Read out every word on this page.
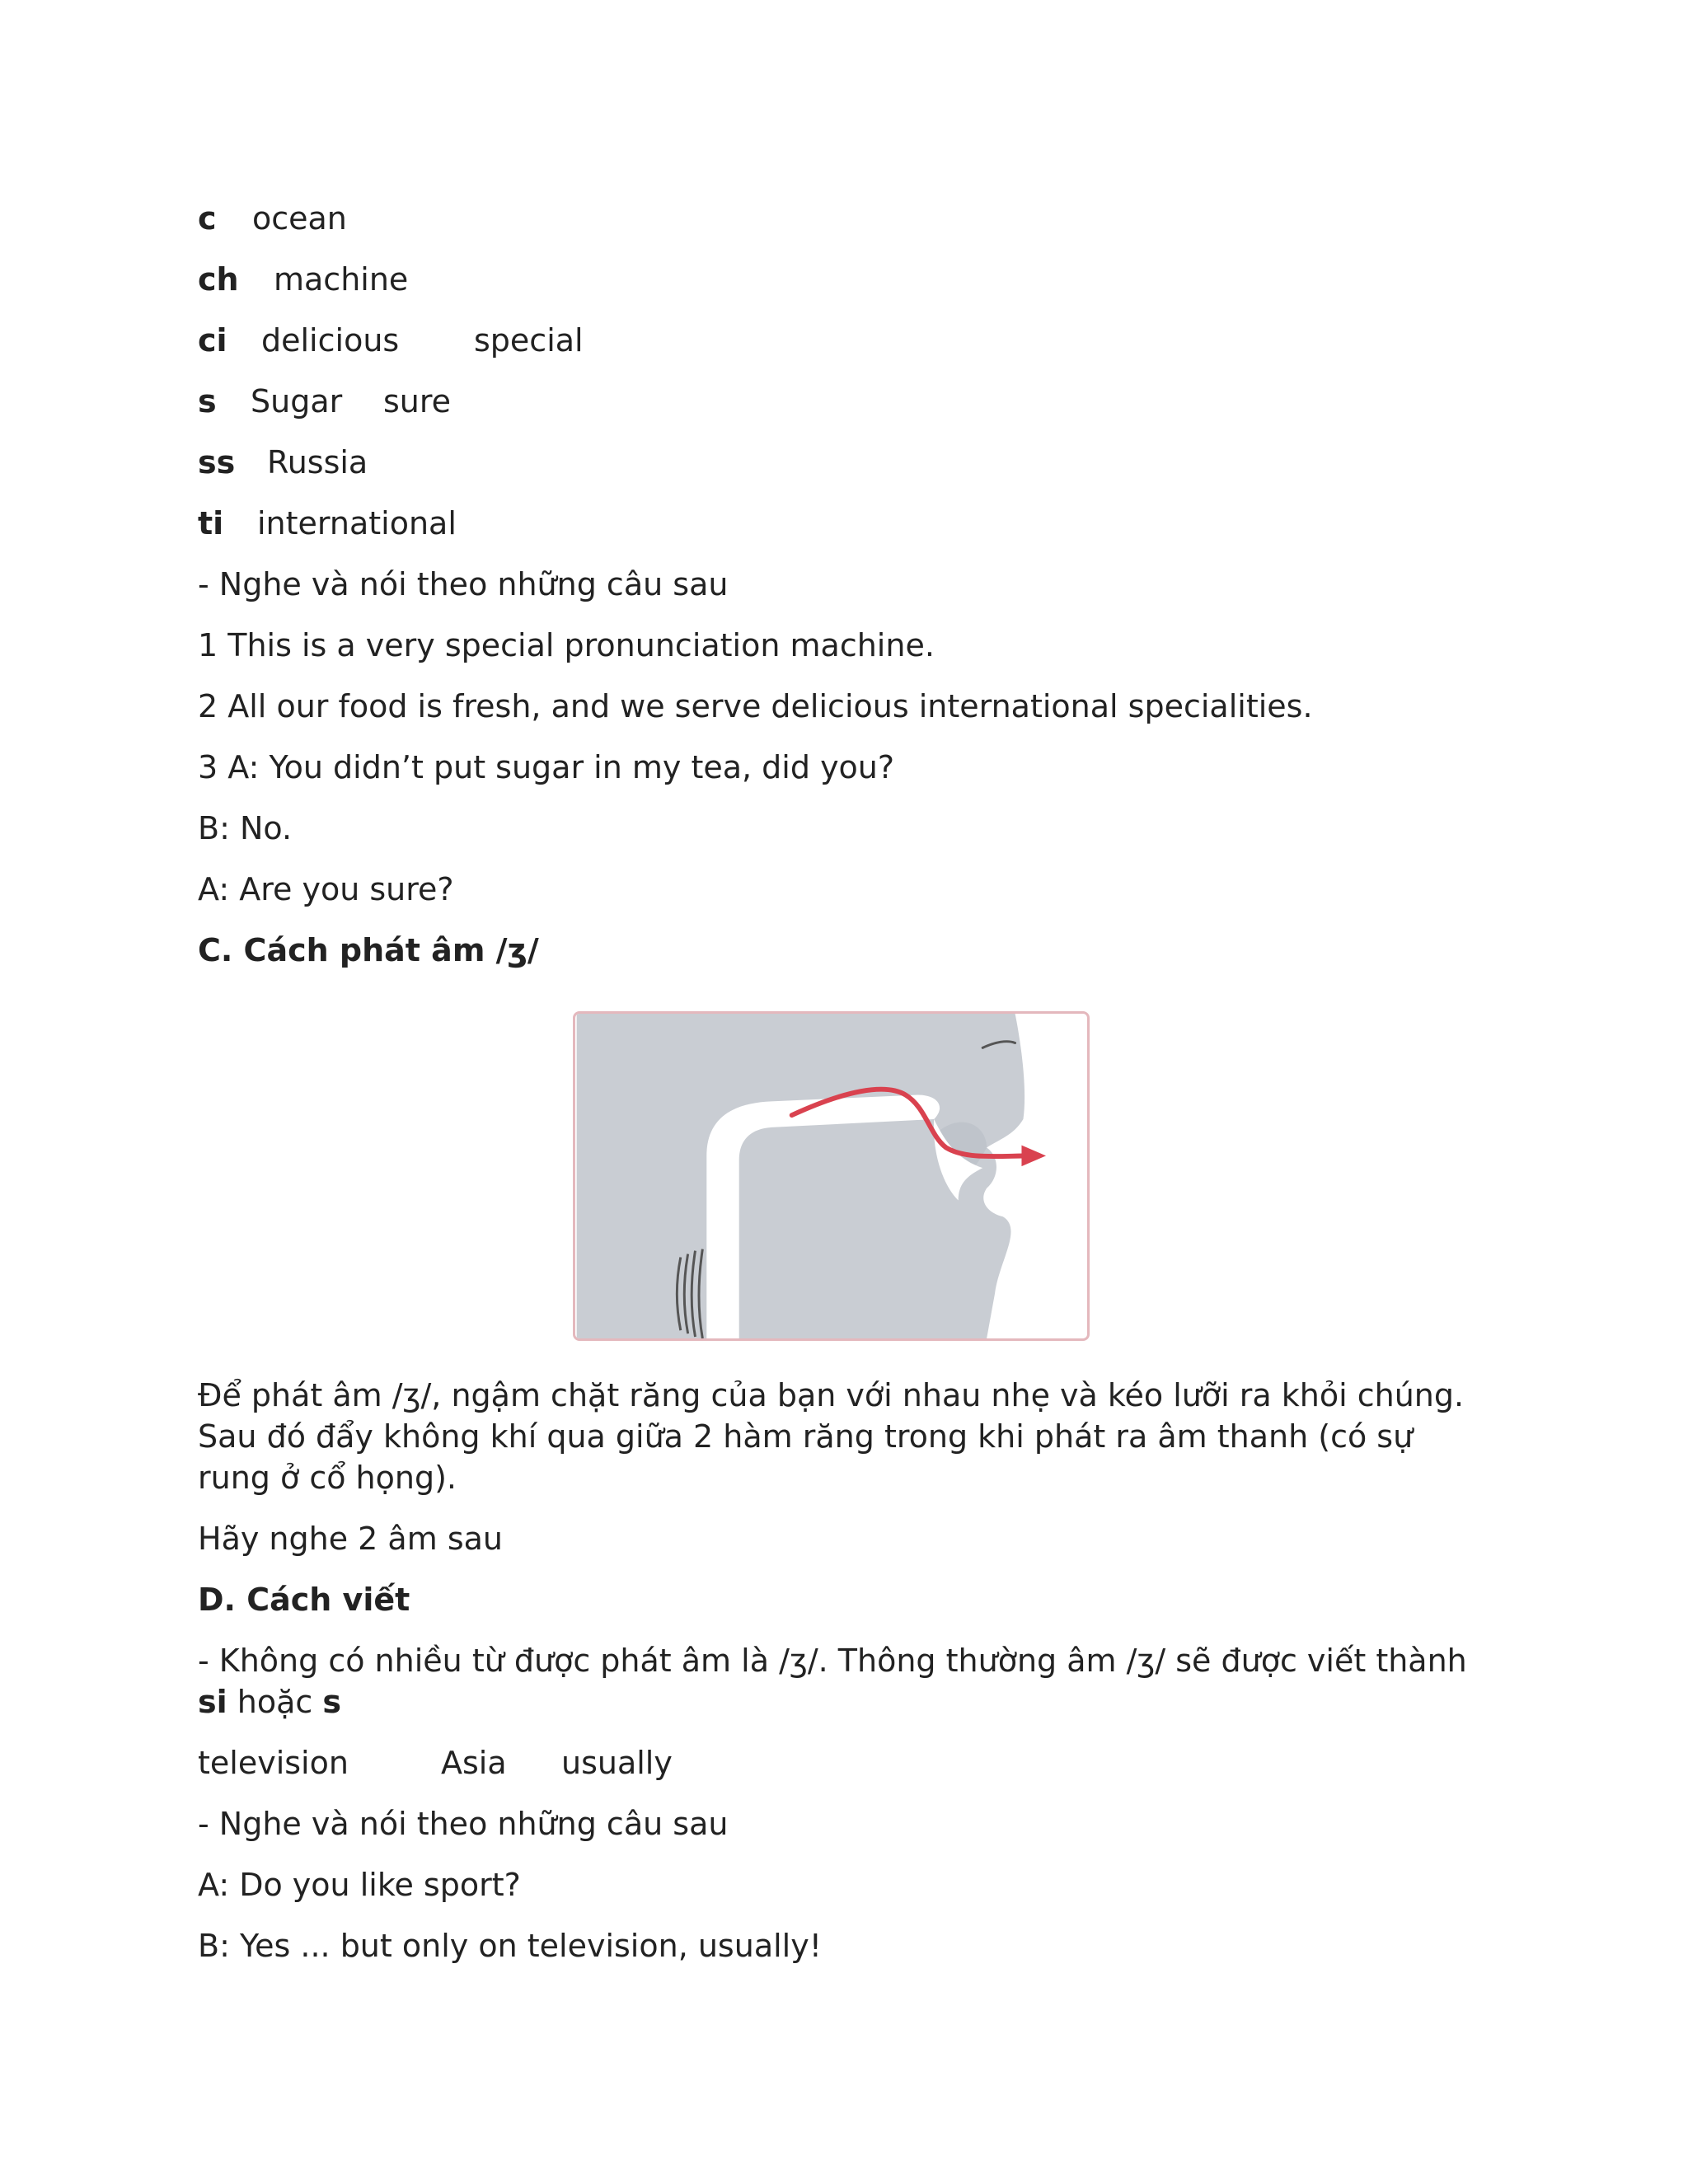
c ocean
ch machine
ci delicious special
s Sugar sure
ss Russia
ti international
- Nghe và nói theo những câu sau
1 This is a very special pronunciation machine.
2 All our food is fresh, and we serve delicious international specialities.
3 A: You didn’t put sugar in my tea, did you?
B: No.
A: Are you sure?
C. Cách phát âm /ʒ/
Để phát âm /ʒ/, ngậm chặt răng của bạn với nhau nhẹ và kéo lưỡi ra khỏi chúng. Sau đó đẩy không khí qua giữa 2 hàm răng trong khi phát ra âm thanh (có sự rung ở cổ họng).
Hãy nghe 2 âm sau
D. Cách viết
- Không có nhiều từ được phát âm là /ʒ/. Thông thường âm /ʒ/ sẽ được viết thành si hoặc s
television	Asia usually
- Nghe và nói theo những câu sau
A: Do you like sport?
B: Yes ... but only on television, usually!
